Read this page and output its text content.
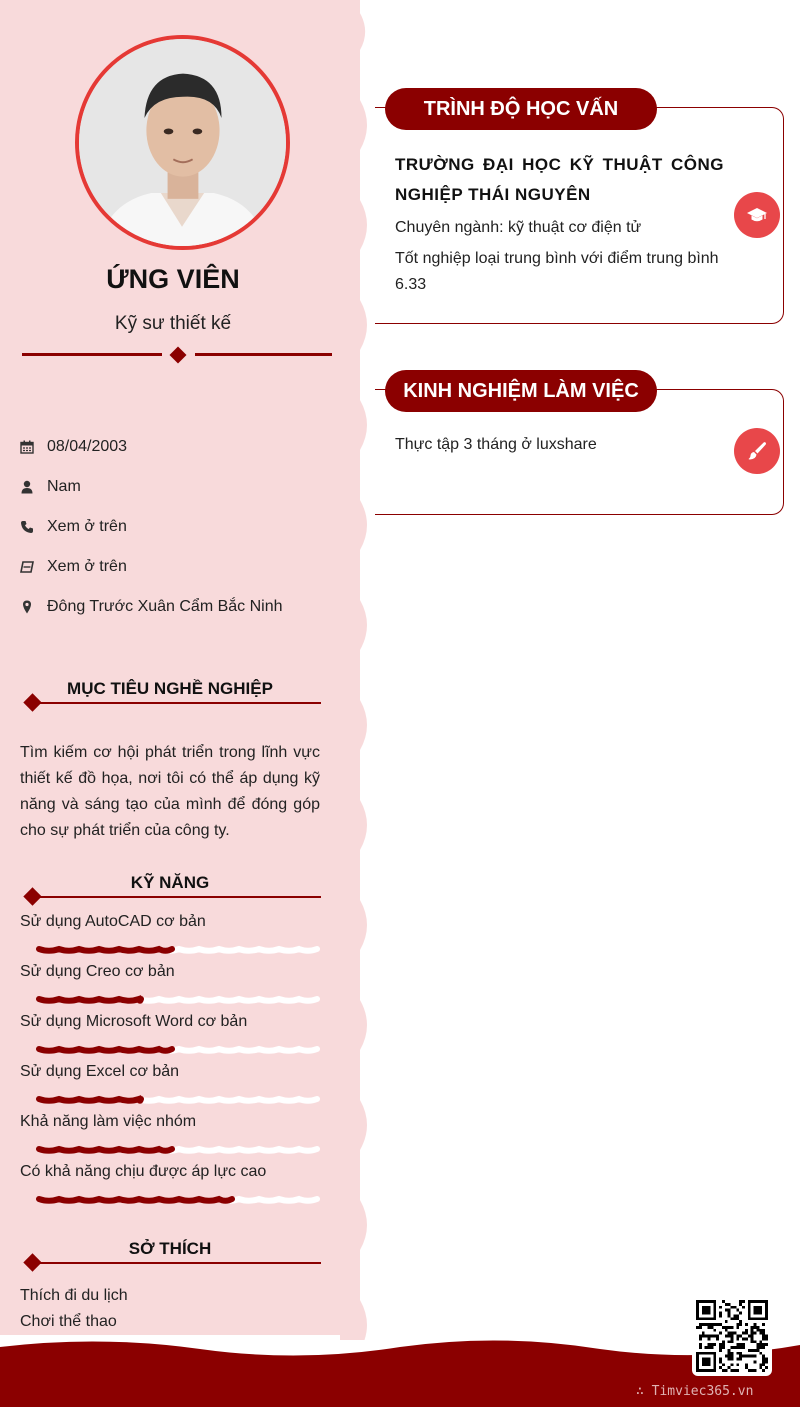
ỨNG VIÊN
Kỹ sư thiết kế
08/04/2003
Nam
Xem ở trên
Xem ở trên
Đông Trước Xuân Cẩm Bắc Ninh
MỤC TIÊU NGHỀ NGHIỆP
Tìm kiếm cơ hội phát triển trong lĩnh vực thiết kế đồ họa, nơi tôi có thể áp dụng kỹ năng và sáng tạo của mình để đóng góp cho sự phát triển của công ty.
KỸ NĂNG
Sử dụng AutoCAD cơ bản
Sử dụng Creo cơ bản
Sử dụng Microsoft Word cơ bản
Sử dụng Excel cơ bản
Khả năng làm việc nhóm
Có khả năng chịu được áp lực cao
SỞ THÍCH
Thích đi du lịch
Chơi thể thao
TRÌNH ĐỘ HỌC VẤN
TRƯỜNG ĐẠI HỌC KỸ THUẬT CÔNG NGHIỆP THÁI NGUYÊN
Chuyên ngành: kỹ thuật cơ điện tử
Tốt nghiệp loại trung bình với điểm trung bình 6.33
KINH NGHIỆM LÀM VIỆC
Thực tập 3 tháng ở luxshare
∴ Timviec365.vn
